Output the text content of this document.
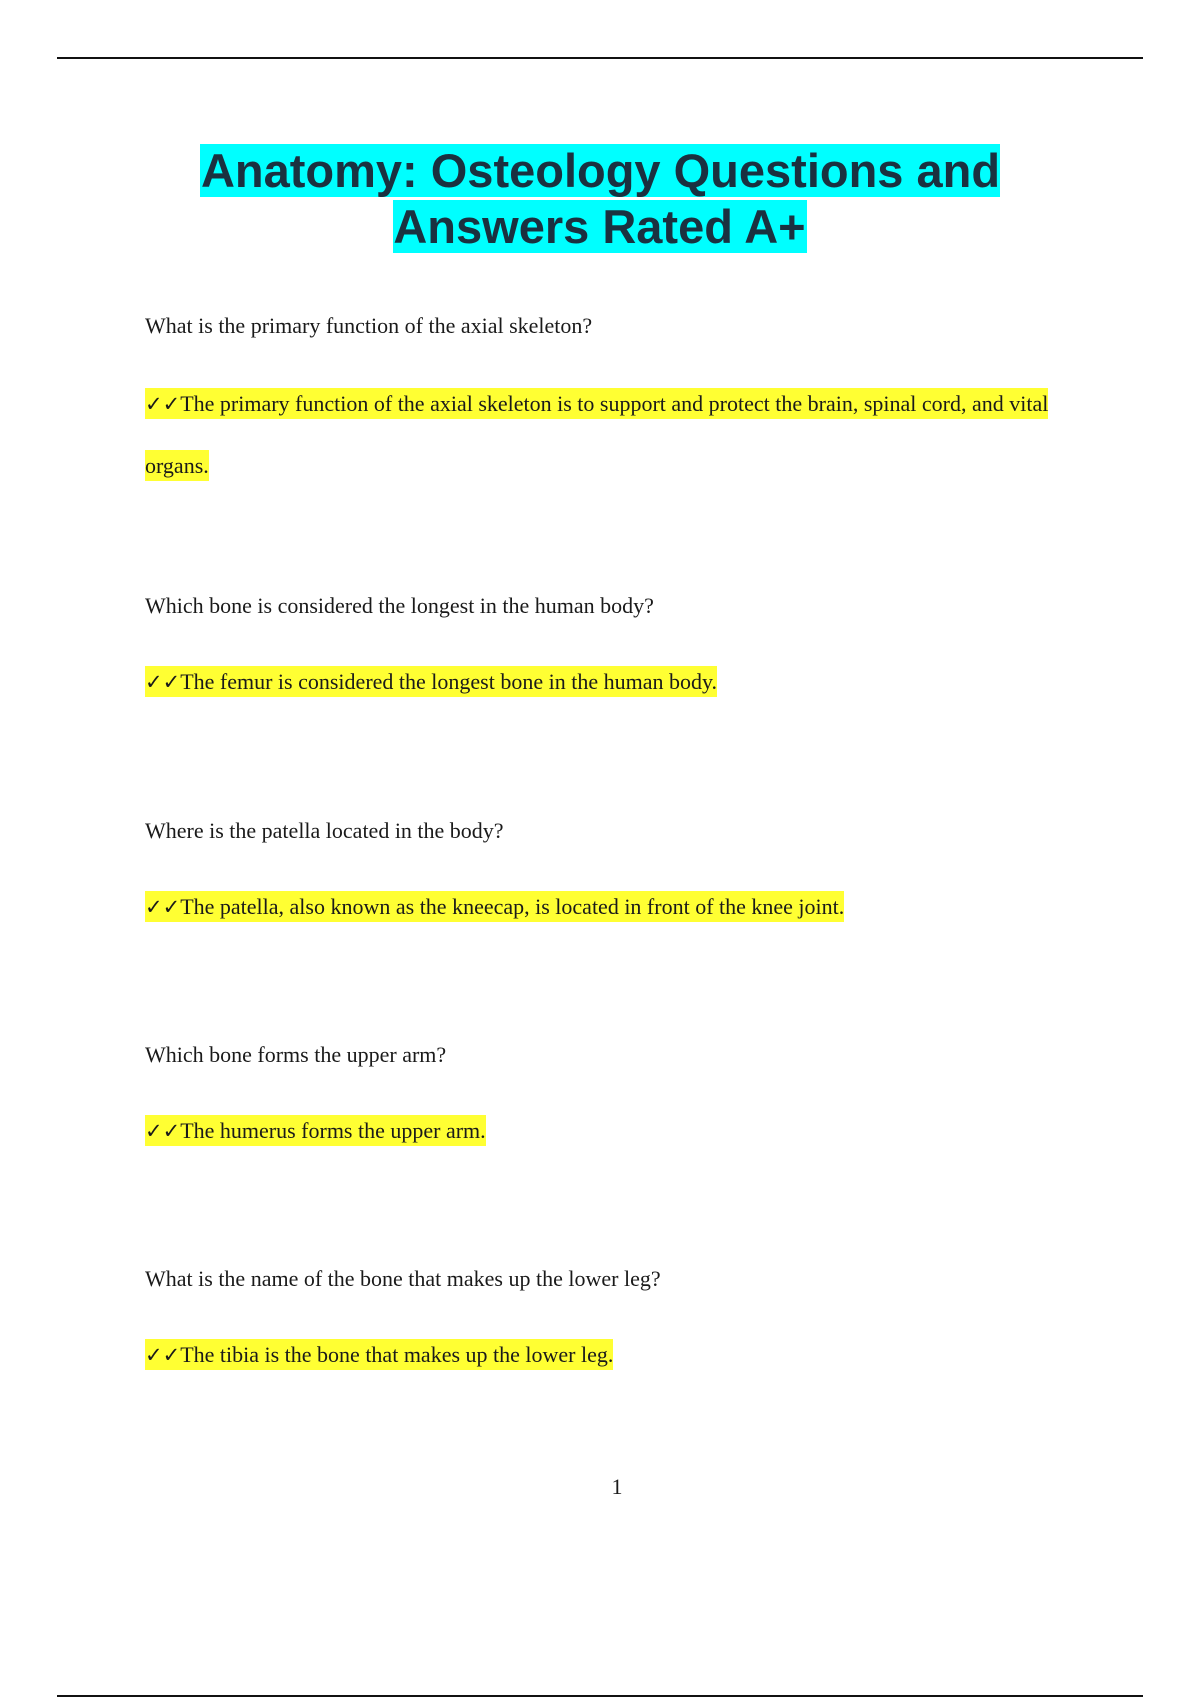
Anatomy: Osteology Questions and Answers Rated A+
What is the primary function of the axial skeleton?
✓✓The primary function of the axial skeleton is to support and protect the brain, spinal cord, and vital organs.
Which bone is considered the longest in the human body?
✓✓The femur is considered the longest bone in the human body.
Where is the patella located in the body?
✓✓The patella, also known as the kneecap, is located in front of the knee joint.
Which bone forms the upper arm?
✓✓The humerus forms the upper arm.
What is the name of the bone that makes up the lower leg?
✓✓The tibia is the bone that makes up the lower leg.
1
